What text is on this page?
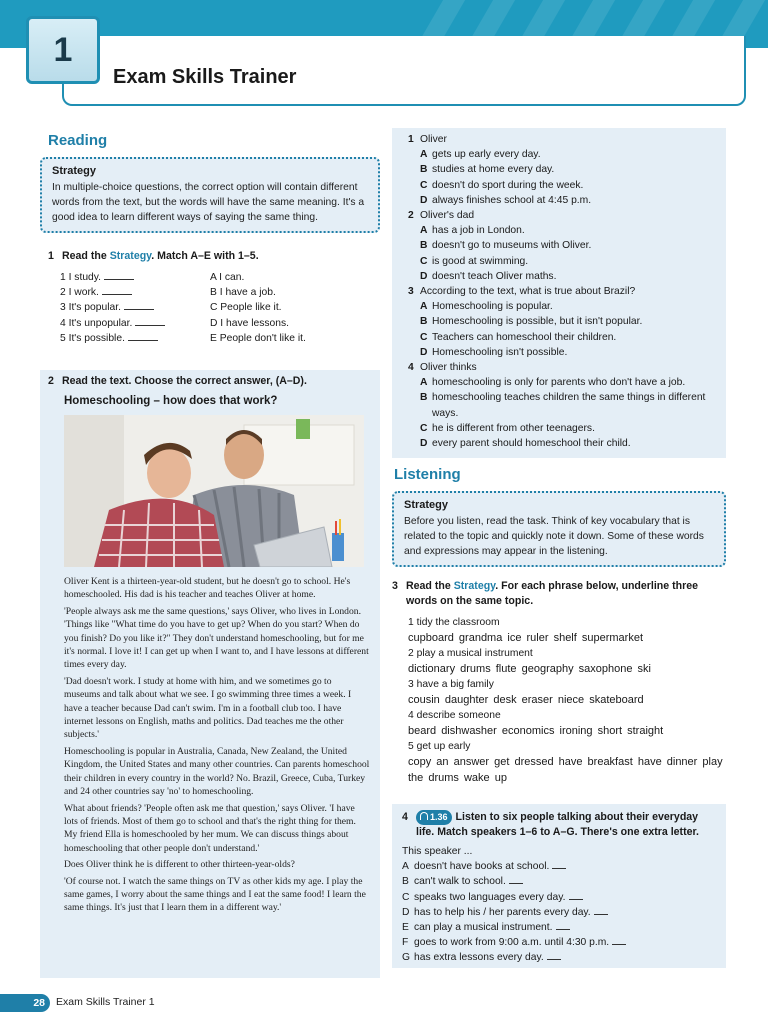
1
Exam Skills Trainer
Reading
Strategy
In multiple-choice questions, the correct option will contain different words from the text, but the words will have the same meaning. It's a good idea to learn different ways of saying the same thing.
1 Read the Strategy. Match A–E with 1–5.
1 I study.	A I can.
2 I work.	B I have a job.
3 It's popular.	C People like it.
4 It's unpopular.	D I have lessons.
5 It's possible.	E People don't like it.
2 Read the text. Choose the correct answer, (A–D).
Homeschooling – how does that work?

Oliver Kent is a thirteen-year-old student, but he doesn't go to school. He's homeschooled. His dad is his teacher and teaches Oliver at home.

'People always ask me the same questions,' says Oliver, who lives in London. 'Things like "What time do you have to get up? When do you start? When do you finish? Do you like it?" They don't understand homeschooling, but for me it's normal. I love it! I can get up when I want to, and I have lessons at different times every day.

'Dad doesn't work. I study at home with him, and we sometimes go to museums and talk about what we see. I go swimming three times a week. I have a teacher because Dad can't swim. I'm in a football club too. I have internet lessons on English, maths and politics. Dad teaches me the other subjects.'

Homeschooling is popular in Australia, Canada, New Zealand, the United Kingdom, the United States and many other countries. Can parents homeschool their children in every country in the world? No. Brazil, Greece, Cuba, Turkey and 24 other countries say 'no' to homeschooling.

What about friends? 'People often ask me that question,' says Oliver. 'I have lots of friends. Most of them go to school and that's the right thing for them. My friend Ella is homeschooled by her mum. We can discuss things about homeschooling that other people don't understand.'

Does Oliver think he is different to other thirteen-year-olds?

'Of course not. I watch the same things on TV as other kids my age. I play the same games, I worry about the same things and I eat the same food! I learn the same things. It's just that I learn them in a different way.'

1 Oliver
A gets up early every day.
B studies at home every day.
C doesn't do sport during the week.
D always finishes school at 4:45 p.m.
2 Oliver's dad
A has a job in London.
B doesn't go to museums with Oliver.
C is good at swimming.
D doesn't teach Oliver maths.
3 According to the text, what is true about Brazil?
A Homeschooling is popular.
B Homeschooling is possible, but it isn't popular.
C Teachers can homeschool their children.
D Homeschooling isn't possible.
4 Oliver thinks
A homeschooling is only for parents who don't have a job.
B homeschooling teaches children the same things in different ways.
C he is different from other teenagers.
D every parent should homeschool their child.
Listening
Strategy
Before you listen, read the task. Think of key vocabulary that is related to the topic and quickly note it down. Some of these words and expressions may appear in the listening.
3 Read the Strategy. For each phrase below, underline three words on the same topic.
1 tidy the classroom
cupboard grandma ice ruler shelf supermarket
2 play a musical instrument
dictionary drums flute geography saxophone ski
3 have a big family
cousin daughter desk eraser niece skateboard
4 describe someone
beard dishwasher economics ironing short straight
5 get up early
copy an answer get dressed have breakfast have dinner play the drums wake up
4	1.36 Listen to six people talking about their everyday life. Match speakers 1–6 to A–G. There's one extra letter.
This speaker ...
A doesn't have books at school.
B can't walk to school.
C speaks two languages every day.
D has to help his / her parents every day.
E can play a musical instrument.
F goes to work from 9:00 a.m. until 4:30 p.m.
G has extra lessons every day.
28	Exam Skills Trainer 1
